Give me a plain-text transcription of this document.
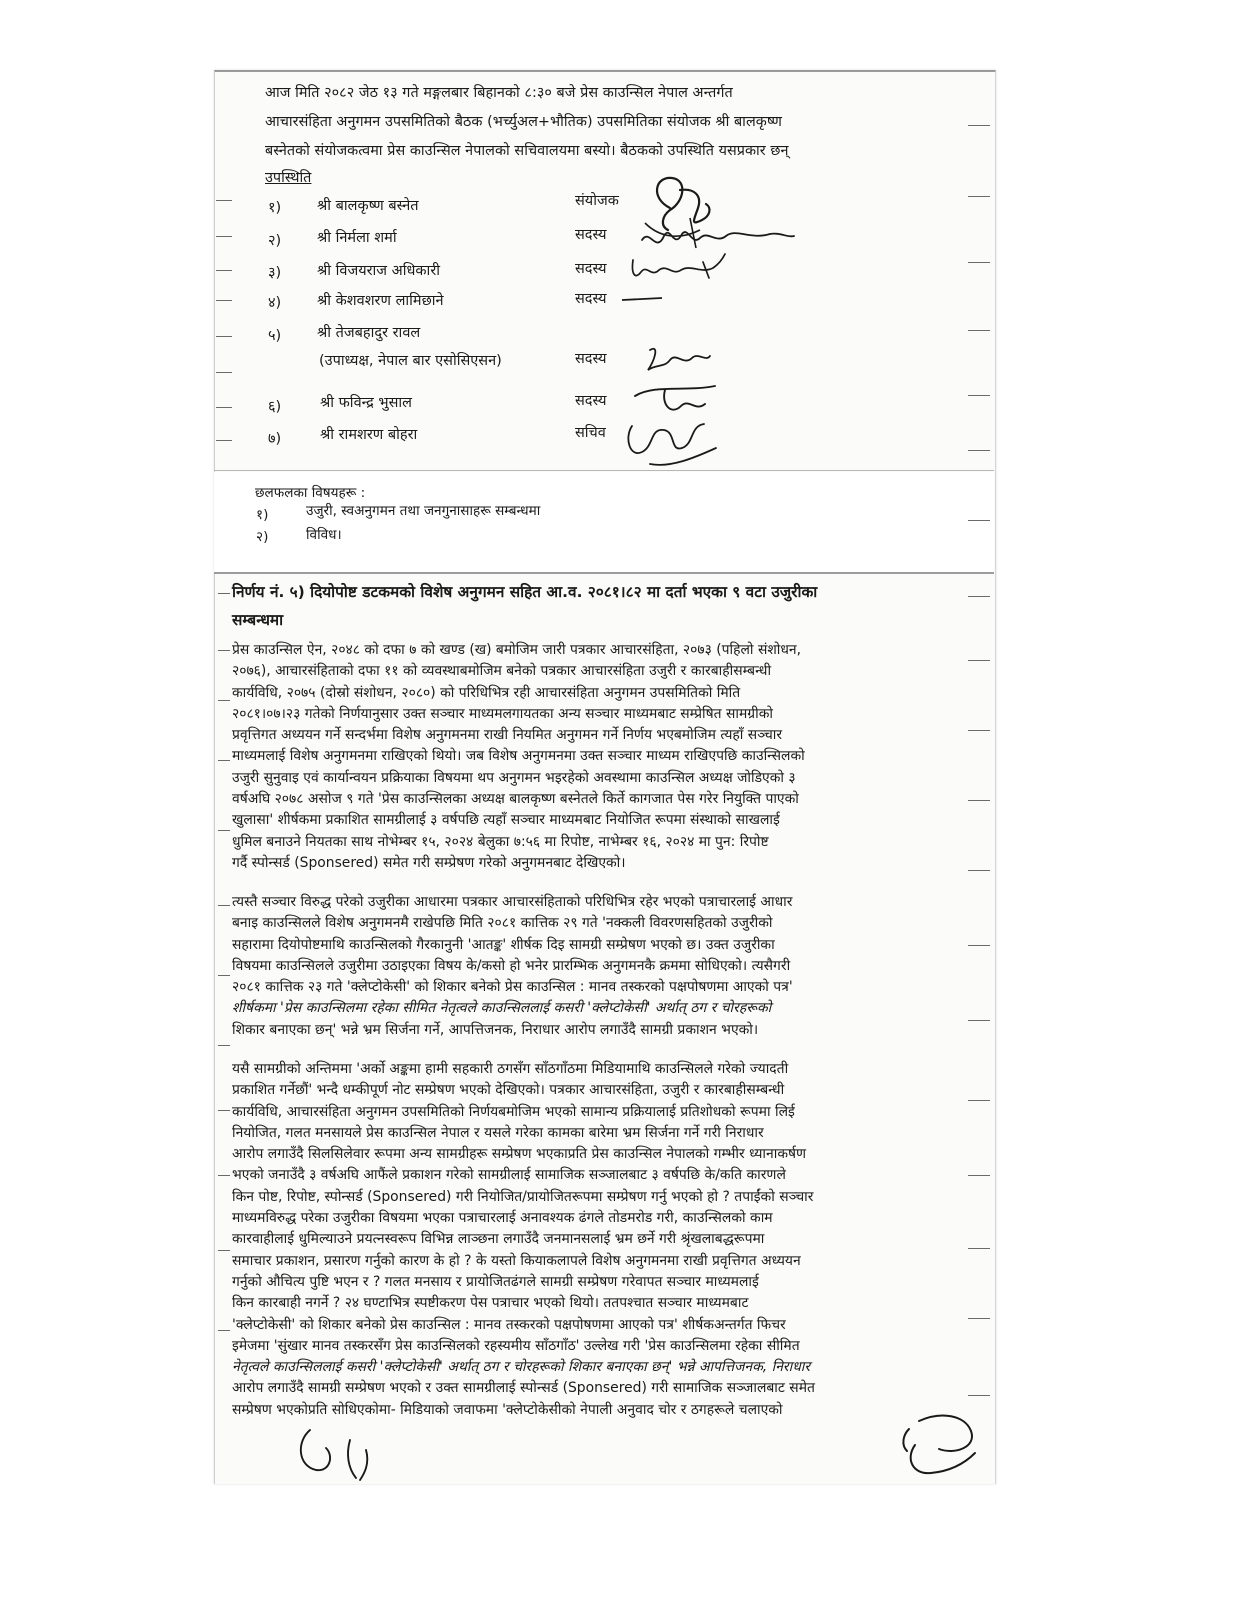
आज मिति २०८२ जेठ १३ गते मङ्गलबार बिहानको ८:३० बजे प्रेस काउन्सिल नेपाल अन्तर्गत
आचारसंहिता अनुगमन उपसमितिको बैठक (भर्च्युअल+भौतिक) उपसमितिका संयोजक श्री बालकृष्ण
बस्नेतको संयोजकत्वमा प्रेस काउन्सिल नेपालको सचिवालयमा बस्यो। बैठकको उपस्थिति यसप्रकार छन्
उपस्थिति
१) श्री बालकृष्ण बस्नेत	संयोजक
२) श्री निर्मला शर्मा	सदस्य
३) श्री विजयराज अधिकारी	सदस्य
४) श्री केशवशरण लामिछाने	सदस्य
५) श्री तेजबहादुर रावल
(उपाध्यक्ष, नेपाल बार एसोसिएसन)	सदस्य
६)	श्री फविन्द्र भुसाल	सदस्य
७)	श्री रामशरण बोहरा	सचिव
छलफलका विषयहरू :
१)	उजुरी, स्वअनुगमन तथा जनगुनासाहरू सम्बन्धमा
२)	विविध।
निर्णय नं. ५) दियोपोष्ट डटकमको विशेष अनुगमन सहित आ.व. २०८१।८२ मा दर्ता भएका ९ वटा उजुरीका
सम्बन्धमा
प्रेस काउन्सिल ऐन, २०४८ को दफा ७ को खण्ड (ख) बमोजिम जारी पत्रकार आचारसंहिता, २०७३ (पहिलो संशोधन,
२०७६), आचारसंहिताको दफा ११ को व्यवस्थाबमोजिम बनेको पत्रकार आचारसंहिता उजुरी र कारबाहीसम्बन्धी
कार्यविधि, २०७५ (दोस्रो संशोधन, २०८०) को परिधिभित्र रही आचारसंहिता अनुगमन उपसमितिको मिति
२०८१।०७।२३ गतेको निर्णयानुसार उक्त सञ्चार माध्यमलगायतका अन्य सञ्चार माध्यमबाट सम्प्रेषित सामग्रीको
प्रवृत्तिगत अध्ययन गर्ने सन्दर्भमा विशेष अनुगमनमा राखी नियमित अनुगमन गर्ने निर्णय भएबमोजिम त्यहाँ सञ्चार
माध्यमलाई विशेष अनुगमनमा राखिएको थियो। जब विशेष अनुगमनमा उक्त सञ्चार माध्यम राखिएपछि काउन्सिलको
उजुरी सुनुवाइ एवं कार्यान्वयन प्रक्रियाका विषयमा थप अनुगमन भइरहेको अवस्थामा काउन्सिल अध्यक्ष जोडिएको ३
वर्षअघि २०७८ असोज ९ गते 'प्रेस काउन्सिलका अध्यक्ष बालकृष्ण बस्नेतले किर्ते कागजात पेस गरेर नियुक्ति पाएको
खुलासा' शीर्षकमा प्रकाशित सामग्रीलाई ३ वर्षपछि त्यहाँ सञ्चार माध्यमबाट नियोजित रूपमा संस्थाको साखलाई
धुमिल बनाउने नियतका साथ नोभेम्बर १५, २०२४ बेलुका ७:५६ मा रिपोष्ट, नाभेम्बर १६, २०२४ मा पुन: रिपोष्ट
गर्दै स्पोन्सर्ड (Sponsered) समेत गरी सम्प्रेषण गरेको अनुगमनबाट देखिएको।
त्यस्तै सञ्चार विरुद्ध परेको उजुरीका आधारमा पत्रकार आचारसंहिताको परिधिभित्र रहेर भएको पत्राचारलाई आधार
बनाइ काउन्सिलले विशेष अनुगमनमै राखेपछि मिति २०८१ कात्तिक २९ गते 'नक्कली विवरणसहितको उजुरीको
सहारामा दियोपोष्टमाथि काउन्सिलको गैरकानुनी 'आतङ्क' शीर्षक दिइ सामग्री सम्प्रेषण भएको छ। उक्त उजुरीका
विषयमा काउन्सिलले उजुरीमा उठाइएका विषय के/कसो हो भनेर प्रारम्भिक अनुगमनकै क्रममा सोधिएको। त्यसैगरी
२०८१ कात्तिक २३ गते 'क्लेप्टोकेसी' को शिकार बनेको प्रेस काउन्सिल : मानव तस्करको पक्षपोषणमा आएको पत्र'
शीर्षकमा 'प्रेस काउन्सिलमा रहेका सीमित नेतृत्वले काउन्सिललाई कसरी 'क्लेप्टोकेसी' अर्थात् ठग र चोरहरूको
शिकार बनाएका छन्' भन्ने भ्रम सिर्जना गर्ने, आपत्तिजनक, निराधार आरोप लगाउँदै सामग्री प्रकाशन भएको।
यसै सामग्रीको अन्तिममा 'अर्को अङ्कमा हामी सहकारी ठगसँग साँठगाँठमा मिडियामाथि काउन्सिलले गरेको ज्यादती
प्रकाशित गर्नेछौं' भन्दै धम्कीपूर्ण नोट सम्प्रेषण भएको देखिएको। पत्रकार आचारसंहिता, उजुरी र कारबाहीसम्बन्धी
कार्यविधि, आचारसंहिता अनुगमन उपसमितिको निर्णयबमोजिम भएको सामान्य प्रक्रियालाई प्रतिशोधको रूपमा लिई
नियोजित, गलत मनसायले प्रेस काउन्सिल नेपाल र यसले गरेका कामका बारेमा भ्रम सिर्जना गर्ने गरी निराधार
आरोप लगाउँदै सिलसिलेवार रूपमा अन्य सामग्रीहरू सम्प्रेषण भएकाप्रति प्रेस काउन्सिल नेपालको गम्भीर ध्यानाकर्षण
भएको जनाउँदै ३ वर्षअघि आफैंले प्रकाशन गरेको सामग्रीलाई सामाजिक सञ्जालबाट ३ वर्षपछि के/कति कारणले
किन पोष्ट, रिपोष्ट, स्पोन्सर्ड (Sponsered) गरी नियोजित/प्रायोजितरूपमा सम्प्रेषण गर्नु भएको हो ? तपाईंको सञ्चार
माध्यमविरुद्ध परेका उजुरीका विषयमा भएका पत्राचारलाई अनावश्यक ढंगले तोडमरोड गरी, काउन्सिलको काम
कारवाहीलाई धुमिल्याउने प्रयत्नस्वरूप विभिन्न लाञ्छना लगाउँदै जनमानसलाई भ्रम छर्ने गरी श्रृंखलाबद्धरूपमा
समाचार प्रकाशन, प्रसारण गर्नुको कारण के हो ? के यस्तो कियाकलापले विशेष अनुगमनमा राखी प्रवृत्तिगत अध्ययन
गर्नुको औचित्य पुष्टि भएन र ? गलत मनसाय र प्रायोजितढंगले सामग्री सम्प्रेषण गरेवापत सञ्चार माध्यमलाई
किन कारबाही नगर्ने ? २४ घण्टाभित्र स्पष्टीकरण पेस पत्राचार भएको थियो। ततपश्चात सञ्चार माध्यमबाट
'क्लेप्टोकेसी' को शिकार बनेको प्रेस काउन्सिल : मानव तस्करको पक्षपोषणमा आएको पत्र' शीर्षकअन्तर्गत फिचर
इमेजमा 'सुंखार मानव तस्करसँग प्रेस काउन्सिलको रहस्यमीय साँठगाँठ' उल्लेख गरी 'प्रेस काउन्सिलमा रहेका सीमित
नेतृत्वले काउन्सिललाई कसरी 'क्लेप्टोकेसी' अर्थात् ठग र चोरहरूको शिकार बनाएका छन्' भन्ने आपत्तिजनक, निराधार
आरोप लगाउँदै सामग्री सम्प्रेषण भएको र उक्त सामग्रीलाई स्पोन्सर्ड (Sponsered) गरी सामाजिक सञ्जालबाट समेत
सम्प्रेषण भएकोप्रति सोधिएकोमा- मिडियाको जवाफमा 'क्लेप्टोकेसीको नेपाली अनुवाद चोर र ठगहरूले चलाएको
